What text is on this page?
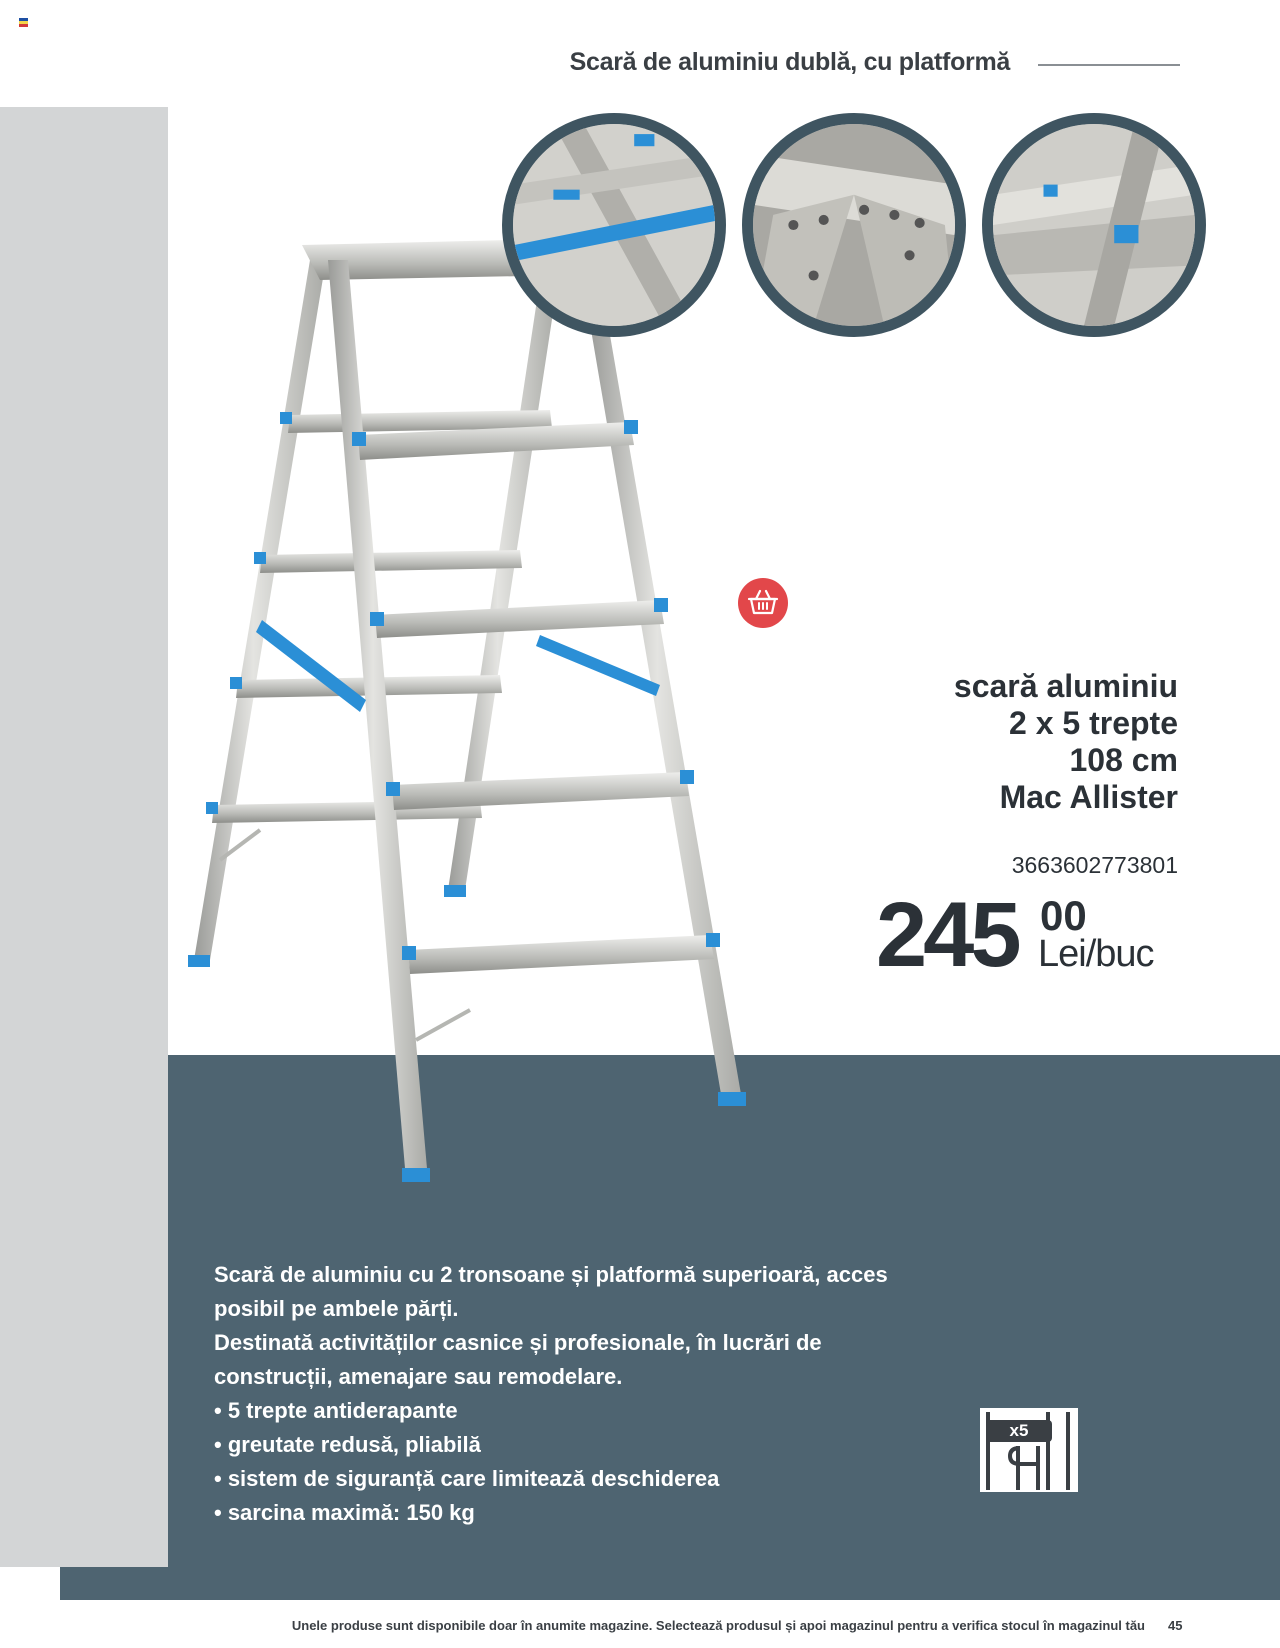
Scară de aluminiu dublă, cu platformă
scară aluminiu
2 x 5 trepte
108 cm
Mac Allister
3663602773801
245 00
Lei/buc

Scară de aluminiu cu 2 tronsoane și platformă superioară, acces

posibil pe ambele părți.

Destinată activităților casnice și profesionale, în lucrări de

construcții, amenajare sau remodelare.

• 5 trepte antiderapante

• greutate redusă, pliabilă

• sistem de siguranță care limitează deschiderea

• sarcina maximă: 150 kg

x5
Unele produse sunt disponibile doar în anumite magazine. Selectează produsul și apoi magazinul pentru a verifica stocul în magazinul tău 45
